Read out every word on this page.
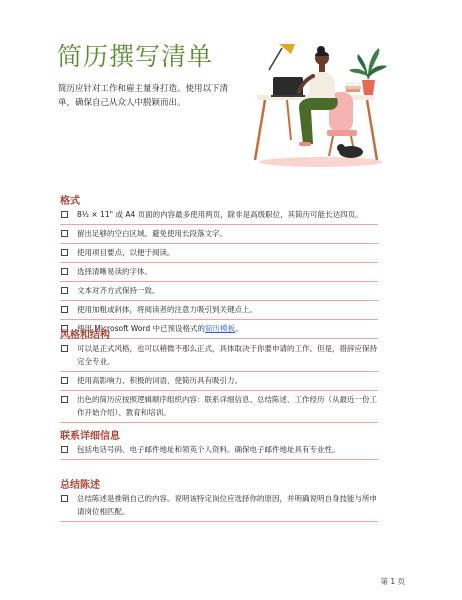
简历撰写清单
简历应针对工作和雇主量身打造。使用以下清单，确保自己从众人中脱颖而出。
格式
8½ × 11" 或 A4 页面的内容最多使用两页，除非是高级职位，其简历可能长达四页。
留出足够的空白区域。避免使用长段落文字。
使用项目要点，以便于阅读。
选择清晰易读的字体。
文本对齐方式保持一致。
使用加粗或斜体，将阅读者的注意力吸引到关键点上。
使用 Microsoft Word 中已预设格式的简历模板。
风格和结构
可以是正式风格，也可以稍微不那么正式，具体取决于你要申请的工作。但是，措辞应保持完全专业。
使用高影响力、积极的词语，使简历具有吸引力。
出色的简历应按照逻辑顺序组织内容：联系详细信息、总结陈述、工作经历（从最近一份工作开始介绍）、教育和培训。
联系详细信息
包括电话号码、电子邮件地址和领英个人资料。确保电子邮件地址具有专业性。
总结陈述
总结陈述是推销自己的内容。说明该特定岗位应选择你的原因，并明确说明自身技能与所申请岗位相匹配。
第 1 页
